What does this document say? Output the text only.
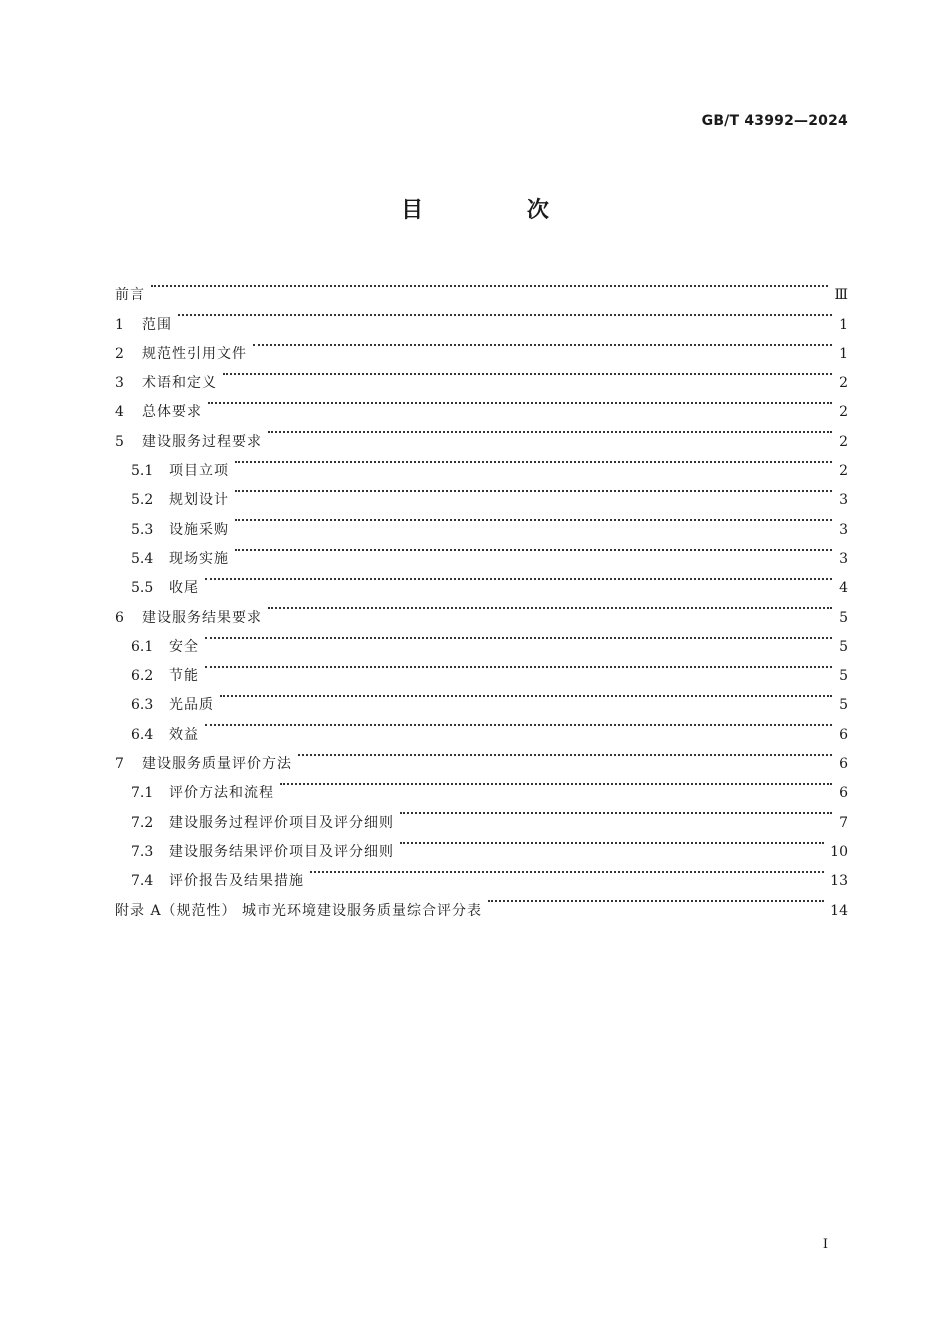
GB/T 43992—2024
目 次
前言	Ⅲ
1	范围	1
2	规范性引用文件	1
3	术语和定义	2
4	总体要求	2
5	建设服务过程要求	2
5.1	项目立项	2
5.2	规划设计	3
5.3	设施采购	3
5.4	现场实施	3
5.5	收尾	4
6	建设服务结果要求	5
6.1	安全	5
6.2	节能	5
6.3	光品质	5
6.4	效益	6
7	建设服务质量评价方法	6
7.1	评价方法和流程	6
7.2	建设服务过程评价项目及评分细则	7
7.3	建设服务结果评价项目及评分细则	10
7.4	评价报告及结果措施	13
附录 A（规范性） 城市光环境建设服务质量综合评分表	14
I
